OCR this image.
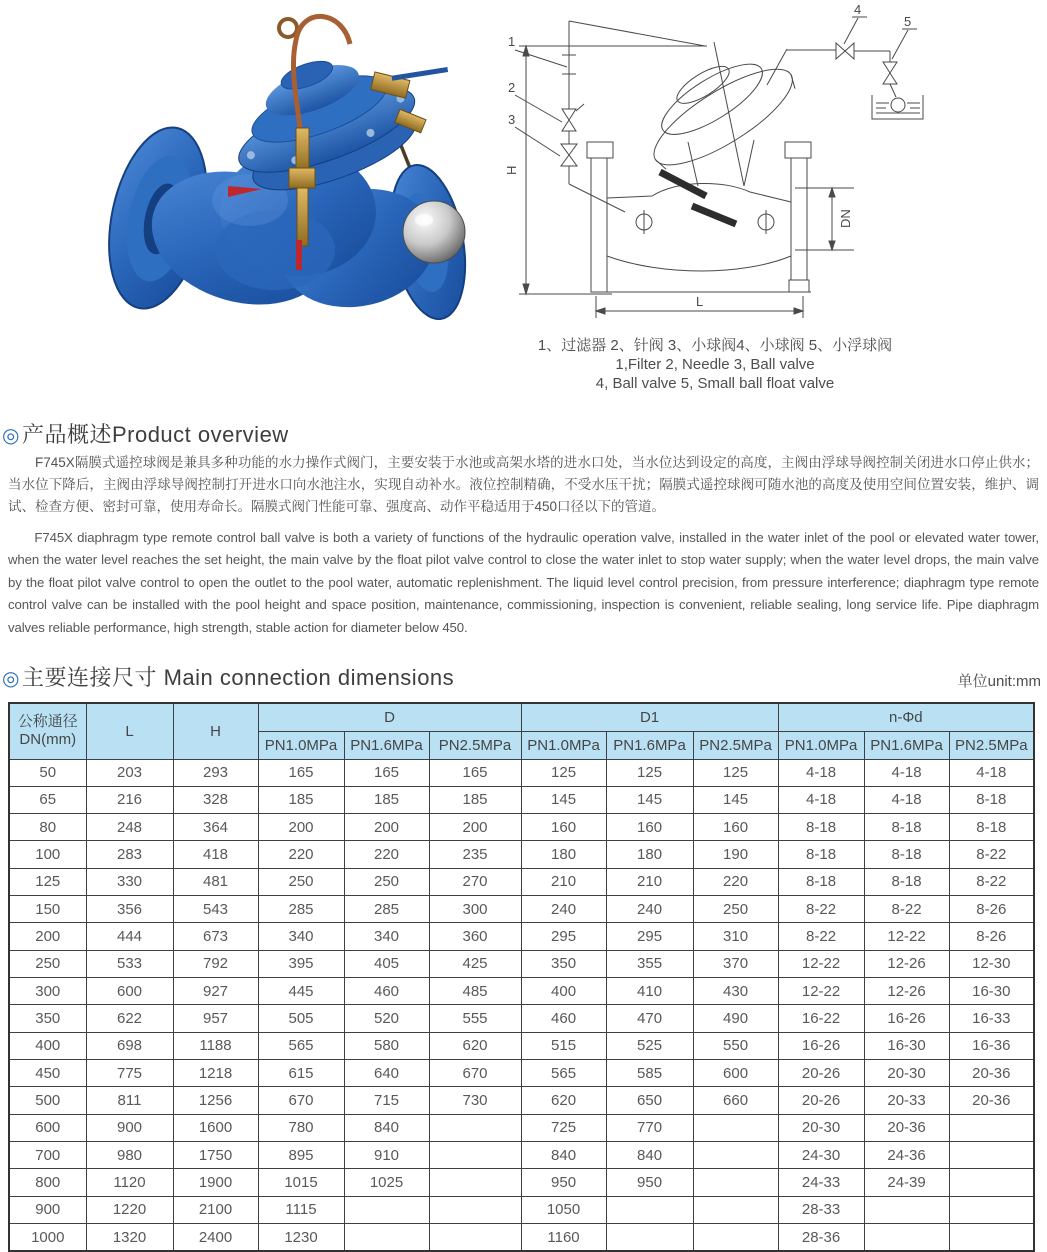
1
2
3
4
5
H
DN
L
1、过滤器 2、针阀 3、小球阀4、小球阀 5、小浮球阀
1,Filter 2, Needle 3, Ball valve
4, Ball valve 5, Small ball float valve
◎产品概述Product overview
F745X隔膜式遥控球阀是兼具多种功能的水力操作式阀门，主要安装于水池或高架水塔的进水口处，当水位达到设定的高度，主阀由浮球导阀控制关闭进水口停止供水；当水位下降后，主阀由浮球导阀控制打开进水口向水池注水，实现自动补水。液位控制精确，不受水压干扰；隔膜式遥控球阀可随水池的高度及使用空间位置安装，维护、调试、检查方便、密封可靠，使用寿命长。隔膜式阀门性能可靠、强度高、动作平稳适用于450口径以下的管道。
F745X diaphragm type remote control ball valve is both a variety of functions of the hydraulic operation valve, installed in the water inlet of the pool or elevated water tower, when the water level reaches the set height, the main valve by the float pilot valve control to close the water inlet to stop water supply; when the water level drops, the main valve by the float pilot valve control to open the outlet to the pool water, automatic replenishment. The liquid level control precision, from pressure interference; diaphragm type remote control valve can be installed with the pool height and space position, maintenance, commissioning, inspection is convenient, reliable sealing, long service life. Pipe diaphragm valves reliable performance, high strength, stable action for diameter below 450.
◎主要连接尺寸 Main connection dimensions	单位unit:mm
公称通径
DN(mm)	L	H	D			D1			n-Φd		
			PN1.0MPa	PN1.6MPa	PN2.5MPa	PN1.0MPa	PN1.6MPa	PN2.5MPa	PN1.0MPa	PN1.6MPa	PN2.5MPa
50	203	293	165	165	165	125	125	125	4-18	4-18	4-18
65	216	328	185	185	185	145	145	145	4-18	4-18	8-18
80	248	364	200	200	200	160	160	160	8-18	8-18	8-18
100	283	418	220	220	235	180	180	190	8-18	8-18	8-22
125	330	481	250	250	270	210	210	220	8-18	8-18	8-22
150	356	543	285	285	300	240	240	250	8-22	8-22	8-26
200	444	673	340	340	360	295	295	310	8-22	12-22	8-26
250	533	792	395	405	425	350	355	370	12-22	12-26	12-30
300	600	927	445	460	485	400	410	430	12-22	12-26	16-30
350	622	957	505	520	555	460	470	490	16-22	16-26	16-33
400	698	1188	565	580	620	515	525	550	16-26	16-30	16-36
450	775	1218	615	640	670	565	585	600	20-26	20-30	20-36
500	811	1256	670	715	730	620	650	660	20-26	20-33	20-36
600	900	1600	780	840		725	770		20-30	20-36	
700	980	1750	895	910		840	840		24-30	24-36	
800	1120	1900	1015	1025		950	950		24-33	24-39	
900	1220	2100	1115			1050			28-33		
1000	1320	2400	1230			1160			28-36		
